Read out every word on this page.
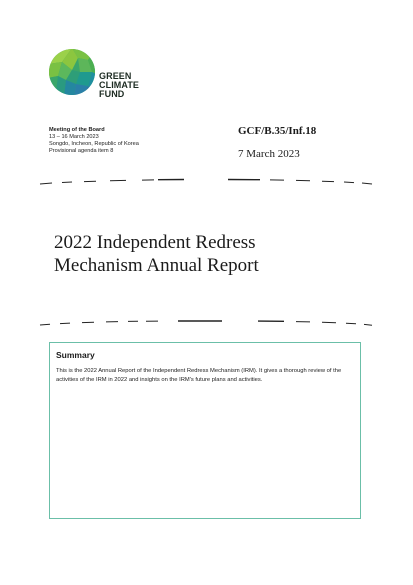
GREEN
CLIMATE
FUND
Meeting of the Board
13 – 16 March 2023
Songdo, Incheon, Republic of Korea
Provisional agenda item 8
GCF/B.35/Inf.18
7 March 2023
2022 Independent Redress
Mechanism Annual Report
Summary
This is the 2022 Annual Report of the Independent Redress Mechanism (IRM). It gives a thorough review of the activities of the IRM in 2022 and insights on the IRM's future plans and activities.
